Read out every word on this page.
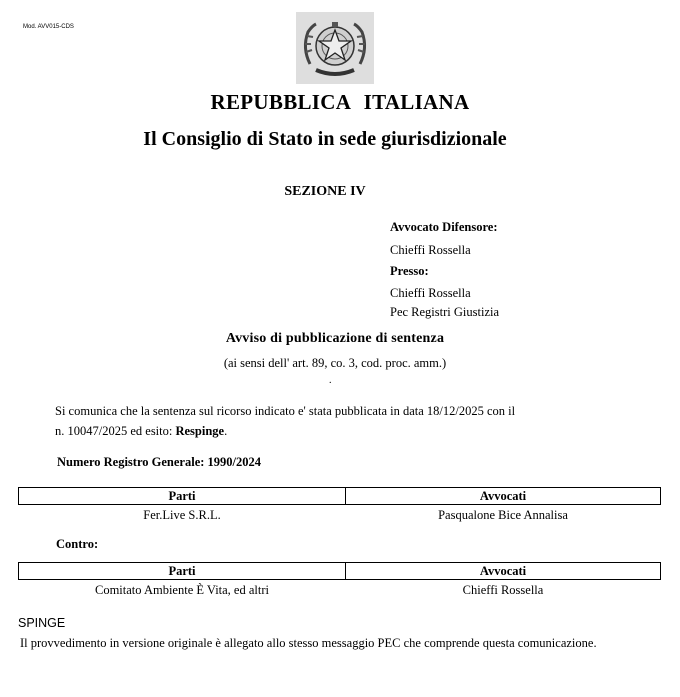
Mod. AVV015-CDS
REPUBBLICA ITALIANA
Il Consiglio di Stato in sede giurisdizionale
SEZIONE IV
Avvocato Difensore:
Chieffi Rossella
Presso:
Chieffi Rossella
Pec Registri Giustizia
Avviso di pubblicazione di sentenza
(ai sensi dell' art. 89, co. 3, cod. proc. amm.)
.
Si comunica che la sentenza sul ricorso indicato e' stata pubblicata in data 18/12/2025 con il
n. 10047/2025 ed esito: Respinge.
Numero Registro Generale: 1990/2024
Parti	Avvocati
Fer.Live S.R.L.	Pasqualone Bice Annalisa
Contro:
Parti	Avvocati
Comitato Ambiente È Vita, ed altri	Chieffi Rossella
SPINGE
Il provvedimento in versione originale è allegato allo stesso messaggio PEC che comprende questa comunicazione.
